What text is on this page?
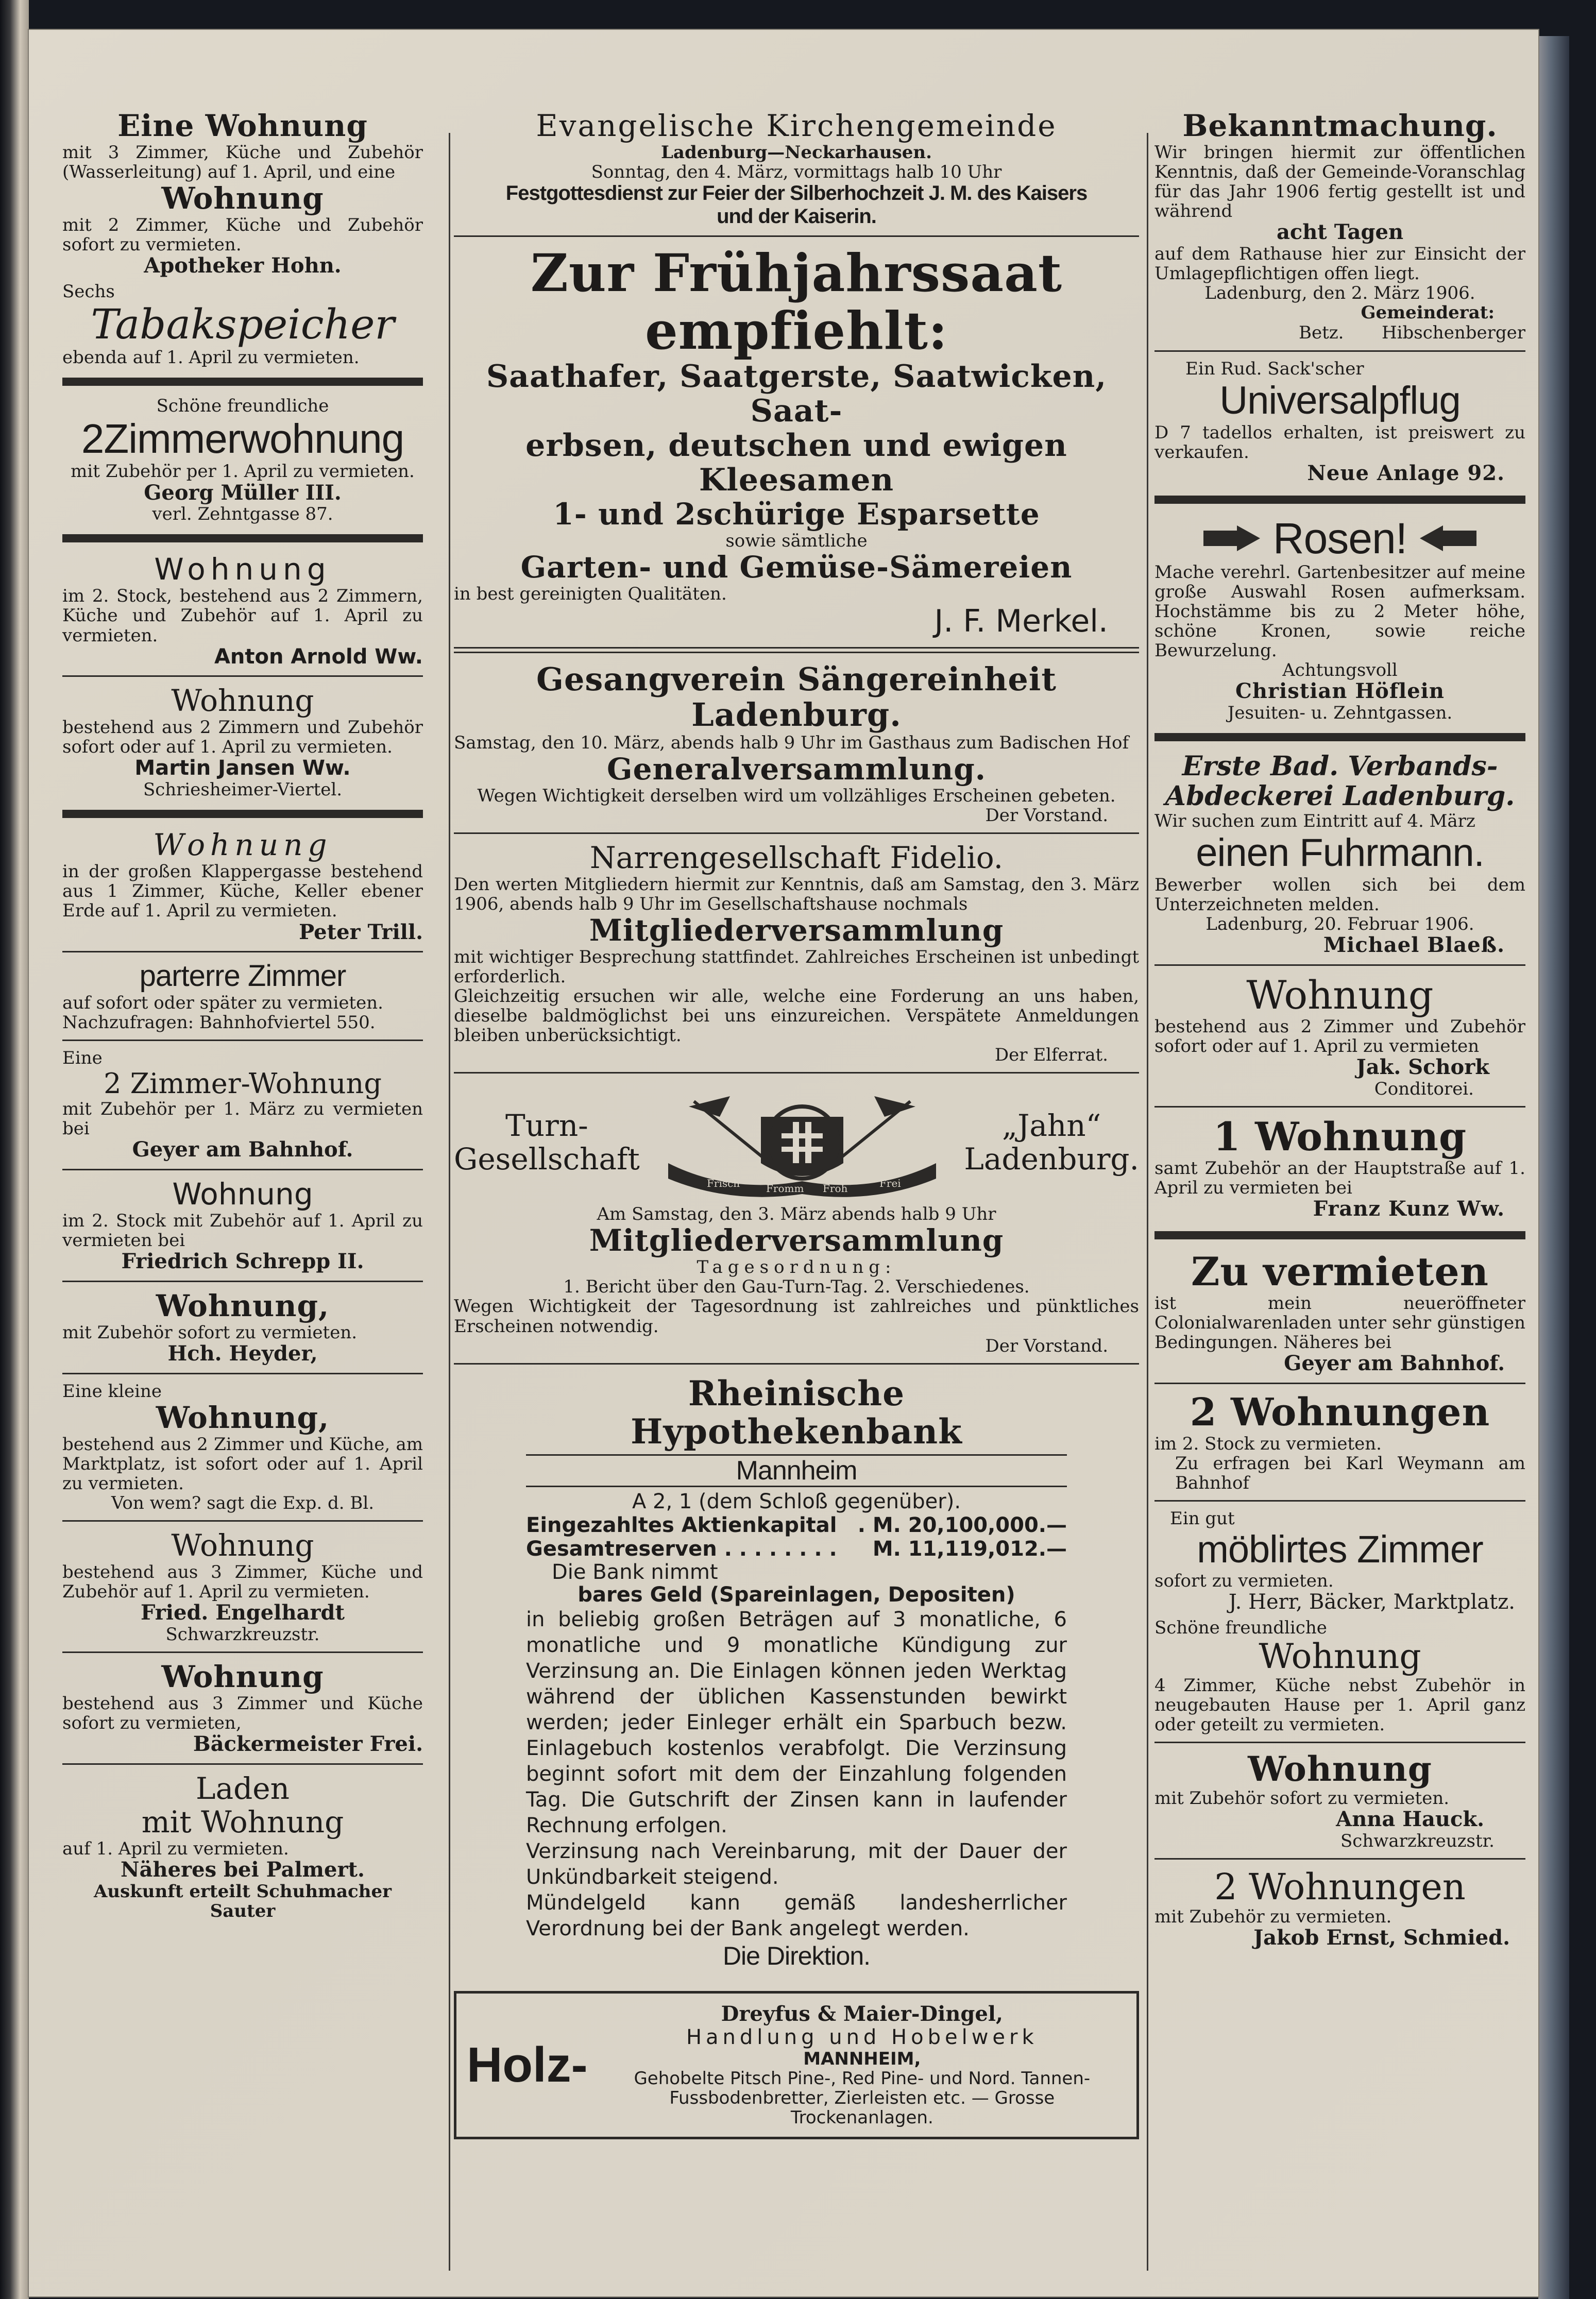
Eine Wohnung

mit 3 Zimmer, Küche und Zubehör (Wasserleitung) auf 1. April, und eine

Wohnung

mit 2 Zimmer, Küche und Zubehör sofort zu vermieten.

Apotheker Hohn.

Sechs

Tabakspeicher

ebenda auf 1. April zu vermieten.

Schöne freundliche

2Zimmerwohnung

mit Zubehör per 1. April zu vermieten.

Georg Müller III.

verl. Zehntgasse 87.

Wohnung

im 2. Stock, bestehend aus 2 Zimmern, Küche und Zubehör auf 1. April zu vermieten.

Anton Arnold Ww.

Wohnung

bestehend aus 2 Zimmern und Zubehör sofort oder auf 1. April zu vermieten.

Martin Jansen Ww.

Schriesheimer-Viertel.

Wohnung

in der großen Klappergasse bestehend aus 1 Zimmer, Küche, Keller ebener Erde auf 1. April zu vermieten.

Peter Trill.

parterre Zimmer

auf sofort oder später zu vermieten.

Nachzufragen: Bahnhofviertel 550.

Eine

2 Zimmer-Wohnung

mit Zubehör per 1. März zu vermieten bei

Geyer am Bahnhof.

Wohnung

im 2. Stock mit Zubehör auf 1. April zu vermieten bei

Friedrich Schrepp II.

Wohnung,

mit Zubehör sofort zu vermieten.

Hch. Heyder,

Eine kleine

Wohnung,

bestehend aus 2 Zimmer und Küche, am Marktplatz, ist sofort oder auf 1. April zu vermieten.

Von wem? sagt die Exp. d. Bl.

Wohnung

bestehend aus 3 Zimmer, Küche und Zubehör auf 1. April zu vermieten.

Fried. Engelhardt

Schwarzkreuzstr.

Wohnung

bestehend aus 3 Zimmer und Küche sofort zu vermieten,

Bäckermeister Frei.

Laden

mit Wohnung

auf 1. April zu vermieten.

Näheres bei Palmert.

Auskunft erteilt Schuhmacher Sauter

Evangelische Kirchengemeinde

Ladenburg—Neckarhausen.

Sonntag, den 4. März, vormittags halb 10 Uhr

Festgottesdienst zur Feier der Silberhochzeit J. M. des Kaisers

und der Kaiserin.

Zur Frühjahrssaat empfiehlt:

Saathafer, Saatgerste, Saatwicken, Saat-

erbsen, deutschen und ewigen Kleesamen

1- und 2schürige Esparsette

sowie sämtliche

Garten- und Gemüse-Sämereien

in best gereinigten Qualitäten.

J. F. Merkel.

Gesangverein Sängereinheit Ladenburg.

Samstag, den 10. März, abends halb 9 Uhr im Gasthaus zum Badischen Hof

Generalversammlung.

Wegen Wichtigkeit derselben wird um vollzähliges Erscheinen gebeten.

Der Vorstand.

Narrengesellschaft Fidelio.

Den werten Mitgliedern hiermit zur Kenntnis, daß am Samstag, den 3. März 1906, abends halb 9 Uhr im Gesellschaftshause nochmals

Mitgliederversammlung

mit wichtiger Besprechung stattfindet. Zahlreiches Erscheinen ist unbedingt erforderlich.

Gleichzeitig ersuchen wir alle, welche eine Forderung an uns haben, dieselbe baldmöglichst bei uns einzureichen. Verspätete Anmeldungen bleiben unberücksichtigt.

Der Elferrat.

Turn-

Gesellschaft

Frisch	Fromm Froh	Frei

„Jahn“

Ladenburg.

Am Samstag, den 3. März abends halb 9 Uhr

Mitgliederversammlung

Tagesordnung:

1. Bericht über den Gau-Turn-Tag. 2. Verschiedenes.

Wegen Wichtigkeit der Tagesordnung ist zahlreiches und pünktliches Erscheinen notwendig.

Der Vorstand.

Rheinische Hypothekenbank

Mannheim

A 2, 1 (dem Schloß gegenüber).

Eingezahltes Aktienkapital . M. 20,100,000.—
Gesamtreserven . . . . . . . . M. 11,119,012.—

Die Bank nimmt

bares Geld (Spareinlagen, Depositen)

in beliebig großen Beträgen auf 3 monatliche, 6 monatliche und 9 monatliche Kündigung zur Verzinsung an. Die Einlagen können jeden Werktag während der üblichen Kassenstunden bewirkt werden; jeder Einleger erhält ein Sparbuch bezw. Einlagebuch kostenlos verabfolgt. Die Verzinsung beginnt sofort mit dem der Einzahlung folgenden Tag. Die Gutschrift der Zinsen kann in laufender Rechnung erfolgen.

Verzinsung nach Vereinbarung, mit der Dauer der Unkündbarkeit steigend.

Mündelgeld kann gemäß landesherrlicher Verordnung bei der Bank angelegt werden.

Die Direktion.

Holz-

Dreyfus & Maier-Dingel,

Handlung und Hobelwerk

MANNHEIM,

Gehobelte Pitsch Pine-, Red Pine- und Nord. Tannen-

Fussbodenbretter, Zierleisten etc. — Grosse Trockenanlagen.

Bekanntmachung.

Wir bringen hiermit zur öffentlichen Kenntnis, daß der Gemeinde-Voranschlag für das Jahr 1906 fertig gestellt ist und während

acht Tagen

auf dem Rathause hier zur Einsicht der Umlagepflichtigen offen liegt.

Ladenburg, den 2. März 1906.

Gemeinderat:

Betz. Hibschenberger

Ein Rud. Sack'scher

Universalpflug

D 7 tadellos erhalten, ist preiswert zu verkaufen.

Neue Anlage 92.

Rosen!

Mache verehrl. Gartenbesitzer auf meine große Auswahl Rosen aufmerksam. Hochstämme bis zu 2 Meter höhe, schöne Kronen, sowie reiche Bewurzelung.

Achtungsvoll

Christian Höflein

Jesuiten- u. Zehntgassen.

Erste Bad. Verbands-

Abdeckerei Ladenburg.

Wir suchen zum Eintritt auf 4. März

einen Fuhrmann.

Bewerber wollen sich bei dem Unterzeichneten melden.

Ladenburg, 20. Februar 1906.

Michael Blaeß.

Wohnung

bestehend aus 2 Zimmer und Zubehör sofort oder auf 1. April zu vermieten

Jak. Schork

Conditorei.

1 Wohnung

samt Zubehör an der Hauptstraße auf 1. April zu vermieten bei

Franz Kunz Ww.

Zu vermieten

ist mein neueröffneter Colonialwarenladen unter sehr günstigen Bedingungen. Näheres bei

Geyer am Bahnhof.

2 Wohnungen

im 2. Stock zu vermieten.

Zu erfragen bei Karl Weymann am Bahnhof

Ein gut

möblirtes Zimmer

sofort zu vermieten.

J. Herr, Bäcker, Marktplatz.

Schöne freundliche

Wohnung

4 Zimmer, Küche nebst Zubehör in neugebauten Hause per 1. April ganz oder geteilt zu vermieten.

Wohnung

mit Zubehör sofort zu vermieten.

Anna Hauck.

Schwarzkreuzstr.

2 Wohnungen

mit Zubehör zu vermieten.

Jakob Ernst, Schmied.
